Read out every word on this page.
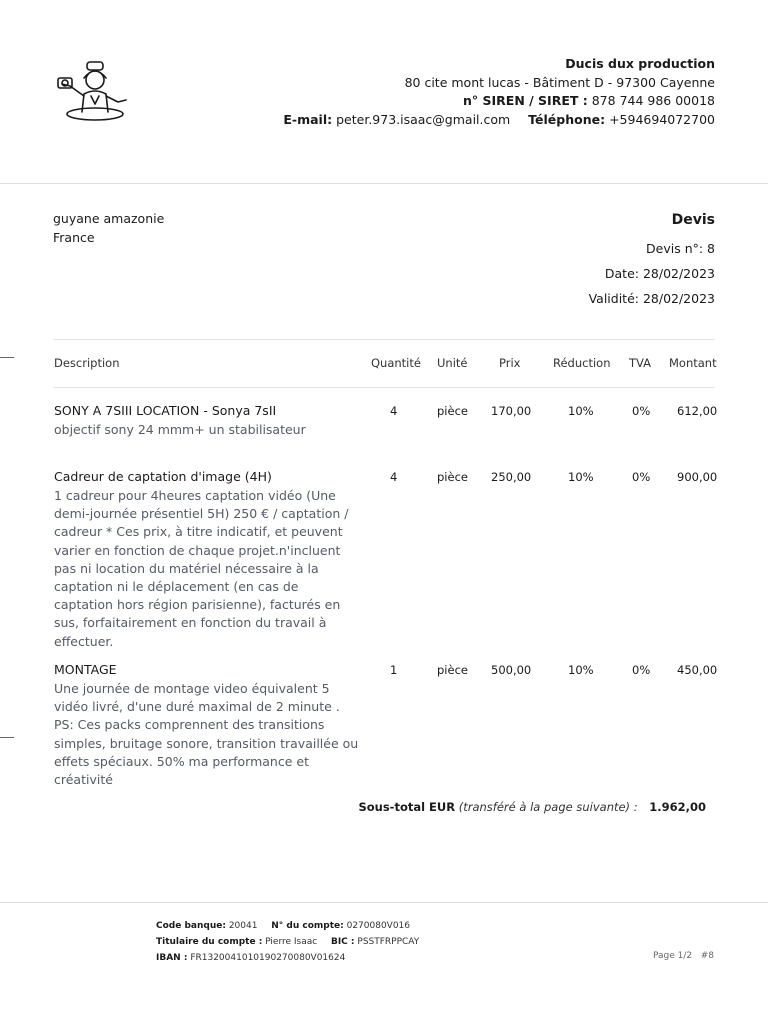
Ducis dux production
80 cite mont lucas - Bâtiment D - 97300 Cayenne
n° SIREN / SIRET : 878 744 986 00018
E-mail: peter.973.isaac@gmail.com Téléphone: +594694072700
guyane amazonie
France
Devis
Devis n°: 8
Date: 28/02/2023
Validité: 28/02/2023
Description	Quantité Unité	Prix	Réduction TVA Montant
SONY A 7SIII LOCATION - Sonya 7sII
objectif sony 24 mmm+ un stabilisateur
4	pièce 170,00	10%	0% 612,00
Cadreur de captation d'image (4H)
1 cadreur pour 4heures captation vidéo (Une demi-journée présentiel 5H) 250 € / captation / cadreur * Ces prix, à titre indicatif, et peuvent varier en fonction de chaque projet.n'incluent pas ni location du matériel nécessaire à la captation ni le déplacement (en cas de captation hors région parisienne), facturés en sus, forfaitairement en fonction du travail à effectuer.
4	pièce 250,00	10%	0% 900,00
MONTAGE
Une journée de montage video équivalent 5 vidéo livré, d'une duré maximal de 2 minute . PS: Ces packs comprennent des transitions simples, bruitage sonore, transition travaillée ou effets spéciaux. 50% ma performance et créativité
1	pièce 500,00	10%	0% 450,00
Sous-total EUR (transféré à la page suivante) : 1.962,00
Code banque: 20041 N° du compte: 0270080V016
Titulaire du compte : Pierre Isaac BIC : PSSTFRPPCAY
IBAN : FR1320041010190270080V01624	Page 1/2 #8
